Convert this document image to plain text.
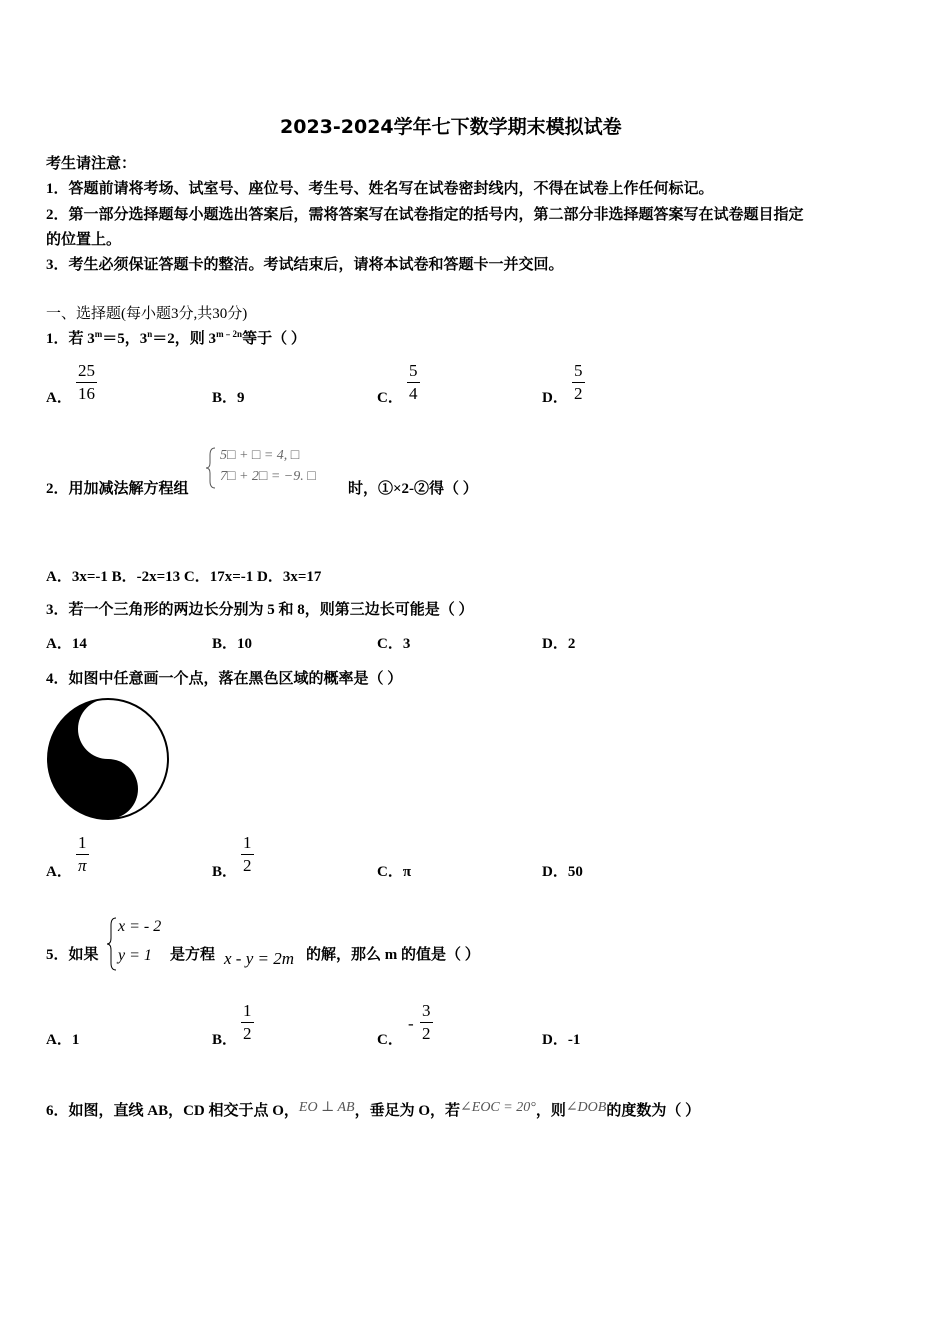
2023-2024学年七下数学期末模拟试卷
考生请注意：
1．答题前请将考场、试室号、座位号、考生号、姓名写在试卷密封线内，不得在试卷上作任何标记。
2．第一部分选择题每小题选出答案后，需将答案写在试卷指定的括号内，第二部分非选择题答案写在试卷题目指定
的位置上。
3．考生必须保证答题卡的整洁。考试结束后，请将本试卷和答题卡一并交回。
一、选择题(每小题3分,共30分)
1．若 $3^m=5$，$3^n=2$，则 $3^{m﹣2n}$等于（ ）
A． $\frac{25}{16}$	B．9	C． $\frac{5}{4}$	D． $\frac{5}{2}$
2．用加减法解方程组
5□ + □ = 4, □
7□ + 2□ = −9. □
时，①×2-②得（ ）
A．3x=-1 B．-2x=13 C．17x=-1 D．3x=17
3．若一个三角形的两边长分别为 5 和 8，则第三边长可能是（ ）
A．14	B．10	C．3	D．2
4．如图中任意画一个点，落在黑色区域的概率是（ ）
A． $\frac{1}{\pi}$	B． $\frac{1}{2}$	C．π	D．50
5．如果
x = - 2
y = 1 是方程 x - y = 2m 的解，那么 m 的值是（ ）
A．1	B． $\frac{1}{2}$	C．
- $\frac{3}{2}$	D．-1
6．如图，直线 AB，CD 相交于点 O，EO ⊥ AB，垂足为 O，若∠EOC = 20°，则∠DOB的度数为（ ）
